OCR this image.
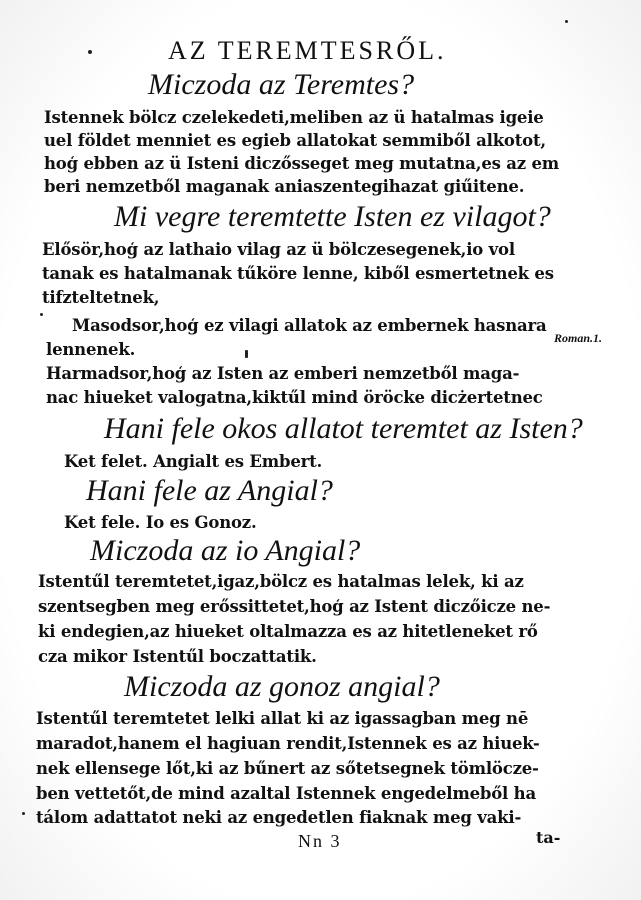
AZ TEREMTESRŐL.
Miczoda az Teremtes?
Istennek bölcz czelekedeti,meliben az ü hatalmas igeie
uel földet menniet es egieb allatokat semmiből alkotot,
hoģ ebben az ü Isteni diczősseget meg mutatna,es az em
beri nemzetből maganak aniaszentegihazat giűitene.
Mi vegre teremtette Isten ez vilagot?
Elősör,hoģ az lathaio vilag az ü bölczesegenek,io vol
tanak es hatalmanak tűköre lenne, kiből esmertetnek es
tifzteltetnek,
Masodsor,hoģ ez vilagi allatok az embernek hasnara
lennenek.
Roman.1.
Harmadsor,hoģ az Isten az emberi nemzetből maga-
nac hiueket valogatna,kiktűl mind öröcke dicżertetnec
Hani fele okos allatot teremtet az Isten?
Ket felet. Angialt es Embert.
Hani fele az Angial?
Ket fele. Io es Gonoz.
Miczoda az io Angial?
Istentűl teremtetet,igaz,bölcz es hatalmas lelek, ki az
szentsegben meg erőssittetet,hoģ az Istent diczőicze ne-
ki endegien,az hiueket oltalmazza es az hitetleneket rő
cza mikor Istentűl boczattatik.
Miczoda az gonoz angial?
Istentűl teremtetet lelki allat ki az igassagban meg nē
maradot,hanem el hagiuan rendit,Istennek es az hiuek-
nek ellensege lőt,ki az bűnert az sőtetsegnek tömlöcze-
ben vettetőt,de mind azaltal Istennek engedelmeből ha
tálom adattatot neki az engedetlen fiaknak meg vaki-
Nn 3	ta-
